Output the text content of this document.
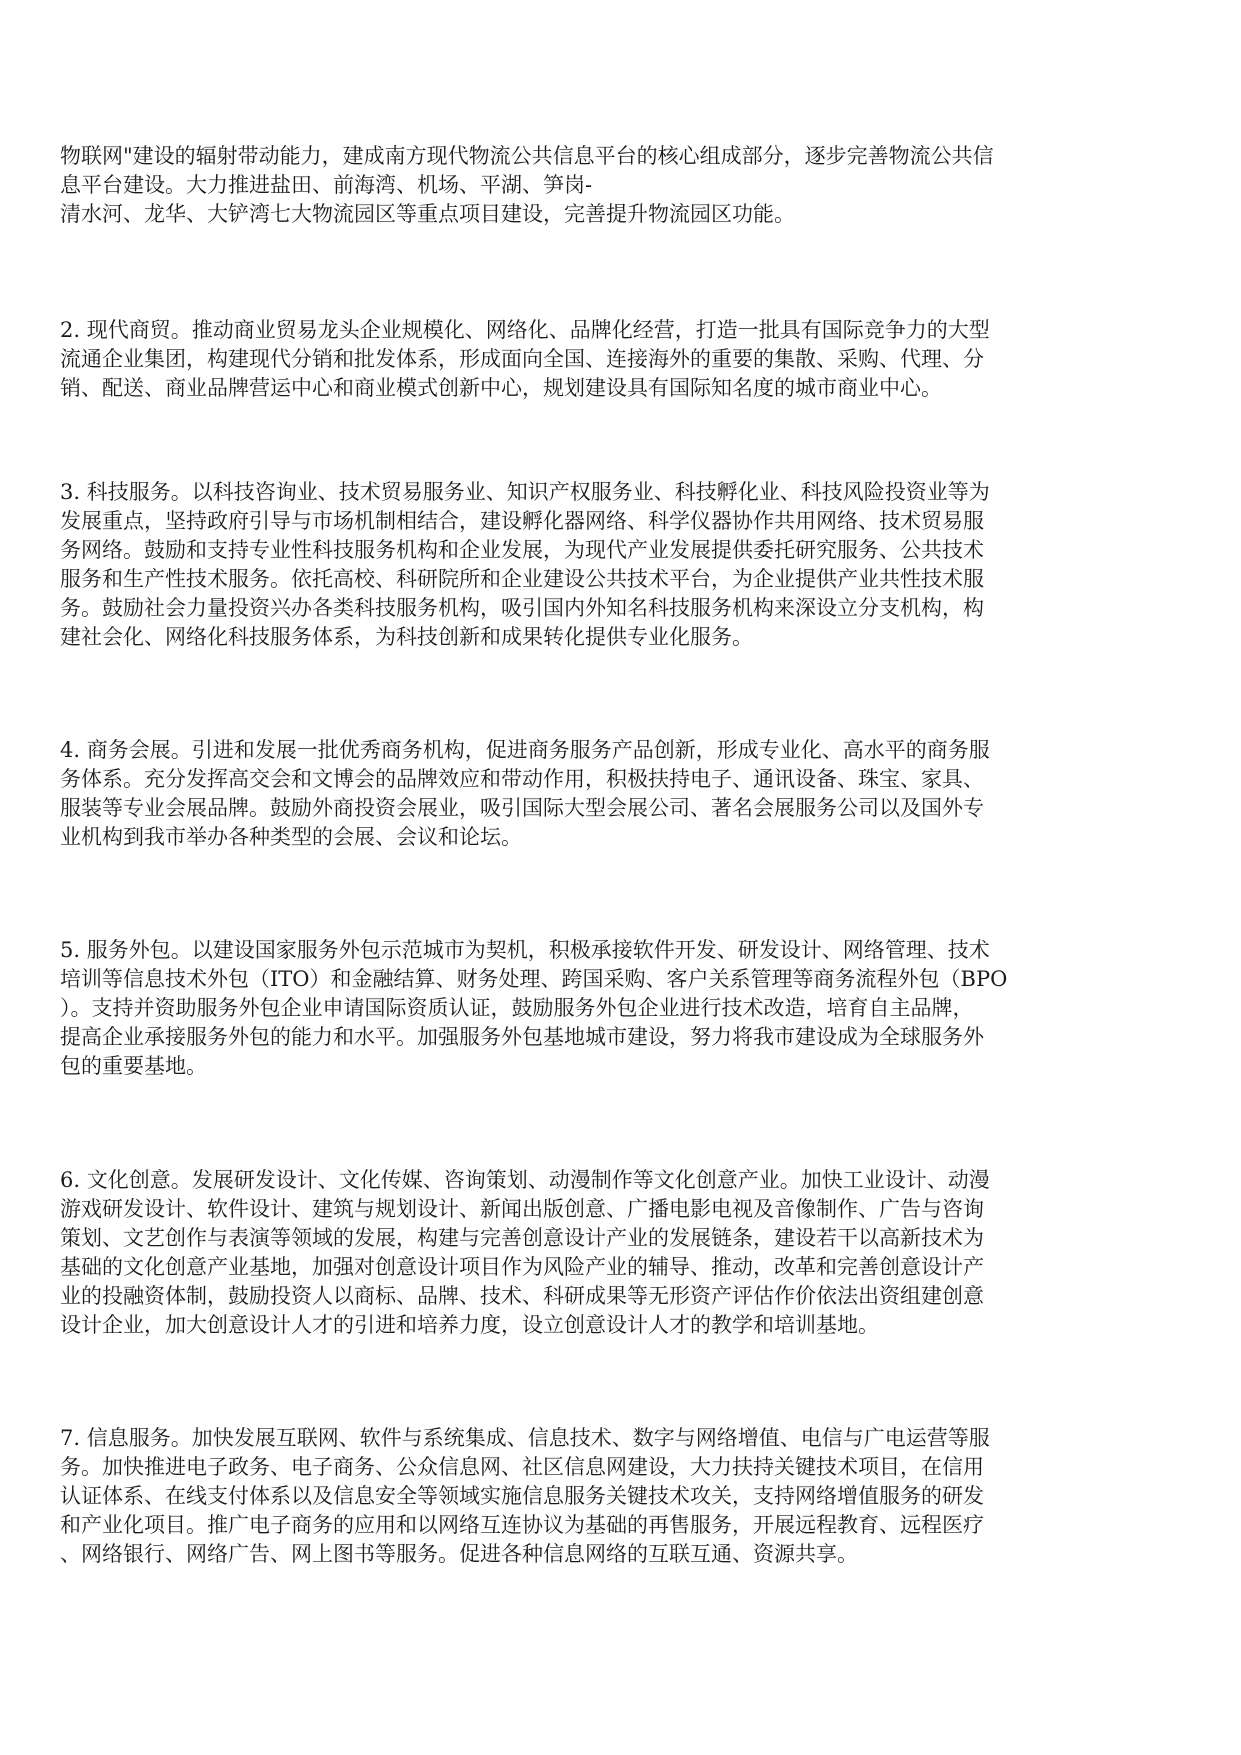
物联网"建设的辐射带动能力，建成南方现代物流公共信息平台的核心组成部分，逐步完善物流公共信
息平台建设。大力推进盐田、前海湾、机场、平湖、笋岗-
清水河、龙华、大铲湾七大物流园区等重点项目建设，完善提升物流园区功能。
2. 现代商贸。推动商业贸易龙头企业规模化、网络化、品牌化经营，打造一批具有国际竞争力的大型
流通企业集团，构建现代分销和批发体系，形成面向全国、连接海外的重要的集散、采购、代理、分
销、配送、商业品牌营运中心和商业模式创新中心，规划建设具有国际知名度的城市商业中心。
3. 科技服务。以科技咨询业、技术贸易服务业、知识产权服务业、科技孵化业、科技风险投资业等为
发展重点，坚持政府引导与市场机制相结合，建设孵化器网络、科学仪器协作共用网络、技术贸易服
务网络。鼓励和支持专业性科技服务机构和企业发展，为现代产业发展提供委托研究服务、公共技术
服务和生产性技术服务。依托高校、科研院所和企业建设公共技术平台，为企业提供产业共性技术服
务。鼓励社会力量投资兴办各类科技服务机构，吸引国内外知名科技服务机构来深设立分支机构，构
建社会化、网络化科技服务体系，为科技创新和成果转化提供专业化服务。
4. 商务会展。引进和发展一批优秀商务机构，促进商务服务产品创新，形成专业化、高水平的商务服
务体系。充分发挥高交会和文博会的品牌效应和带动作用，积极扶持电子、通讯设备、珠宝、家具、
服装等专业会展品牌。鼓励外商投资会展业，吸引国际大型会展公司、著名会展服务公司以及国外专
业机构到我市举办各种类型的会展、会议和论坛。
5. 服务外包。以建设国家服务外包示范城市为契机，积极承接软件开发、研发设计、网络管理、技术
培训等信息技术外包（ITO）和金融结算、财务处理、跨国采购、客户关系管理等商务流程外包（BPO
）。支持并资助服务外包企业申请国际资质认证，鼓励服务外包企业进行技术改造，培育自主品牌，
提高企业承接服务外包的能力和水平。加强服务外包基地城市建设，努力将我市建设成为全球服务外
包的重要基地。
6. 文化创意。发展研发设计、文化传媒、咨询策划、动漫制作等文化创意产业。加快工业设计、动漫
游戏研发设计、软件设计、建筑与规划设计、新闻出版创意、广播电影电视及音像制作、广告与咨询
策划、文艺创作与表演等领域的发展，构建与完善创意设计产业的发展链条，建设若干以高新技术为
基础的文化创意产业基地，加强对创意设计项目作为风险产业的辅导、推动，改革和完善创意设计产
业的投融资体制，鼓励投资人以商标、品牌、技术、科研成果等无形资产评估作价依法出资组建创意
设计企业，加大创意设计人才的引进和培养力度，设立创意设计人才的教学和培训基地。
7. 信息服务。加快发展互联网、软件与系统集成、信息技术、数字与网络增值、电信与广电运营等服
务。加快推进电子政务、电子商务、公众信息网、社区信息网建设，大力扶持关键技术项目，在信用
认证体系、在线支付体系以及信息安全等领域实施信息服务关键技术攻关，支持网络增值服务的研发
和产业化项目。推广电子商务的应用和以网络互连协议为基础的再售服务，开展远程教育、远程医疗
、网络银行、网络广告、网上图书等服务。促进各种信息网络的互联互通、资源共享。
